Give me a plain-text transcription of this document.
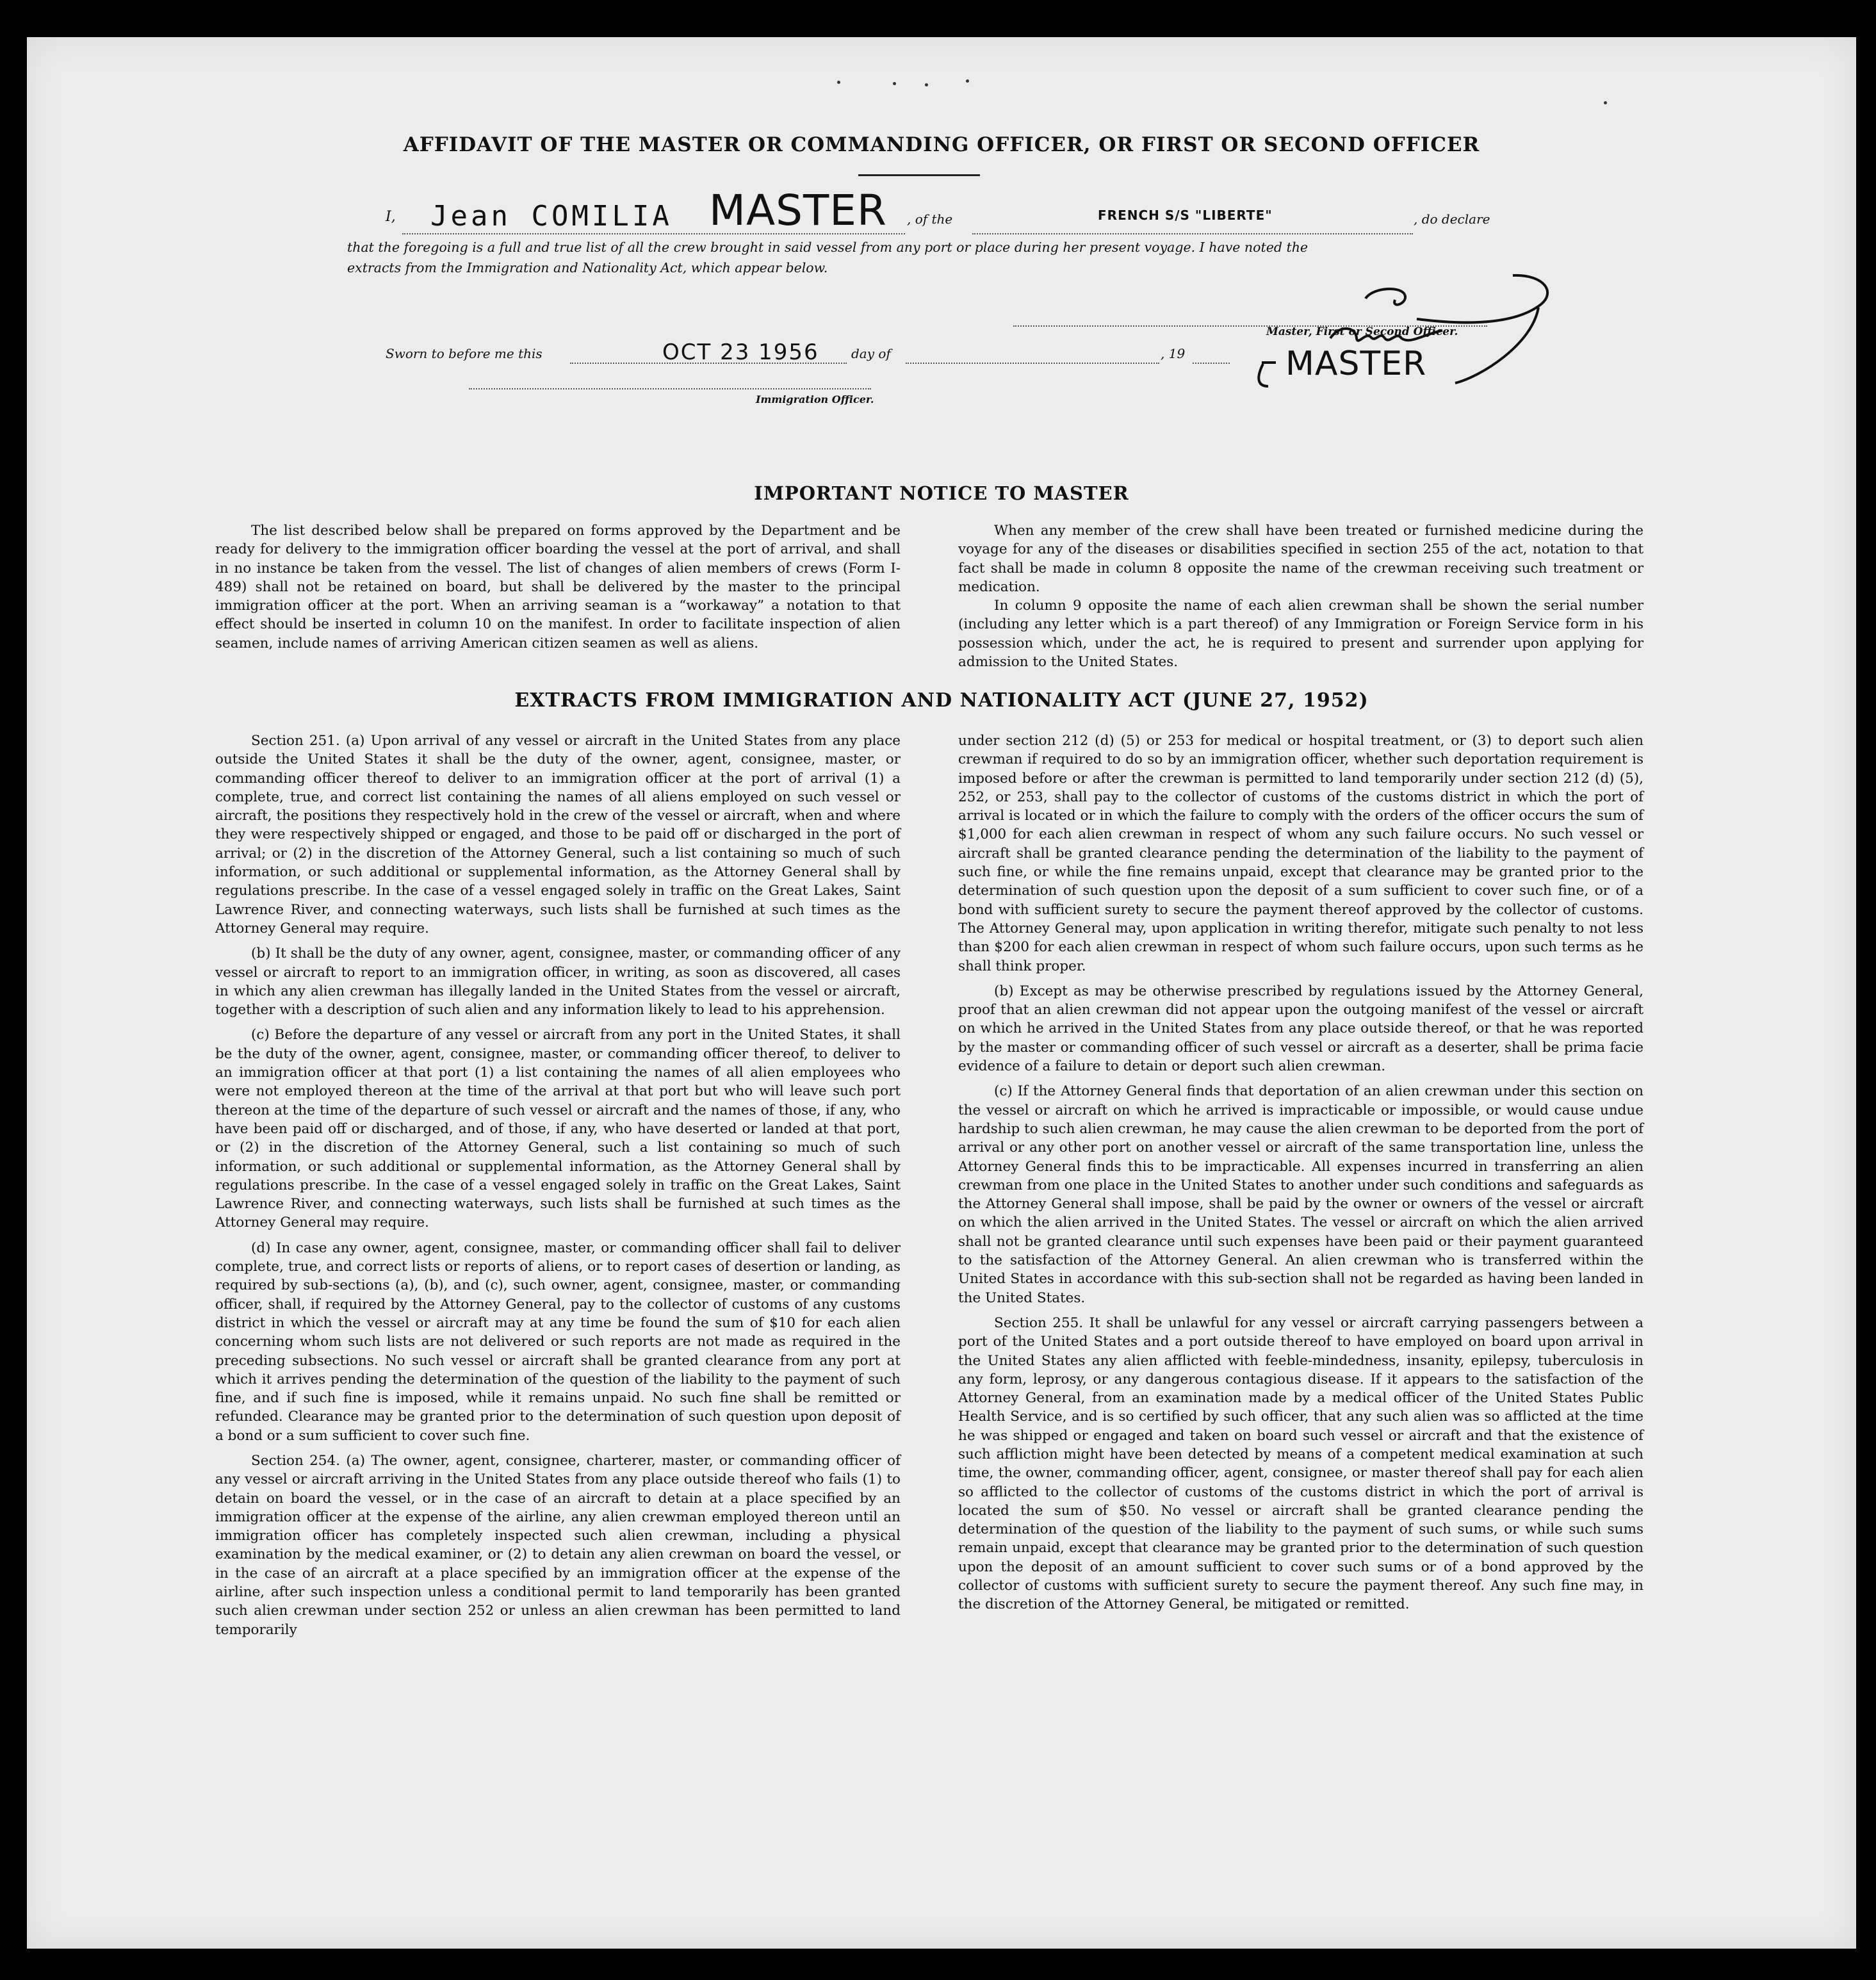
AFFIDAVIT OF THE MASTER OR COMMANDING OFFICER, OR FIRST OR SECOND OFFICER
I, Jean COMILIA MASTER , of the	FRENCH S/S "LIBERTE"	, do declare
that the foregoing is a full and true list of all the crew brought in said vessel from any port or place during her present voyage. I have noted the
extracts from the Immigration and Nationality Act, which appear below.
Master, First or Second Officer.
MASTER
Sworn to before me this	OCT 23 1956	day of	, 19
Immigration Officer.
IMPORTANT NOTICE TO MASTER

The list described below shall be prepared on forms approved by the Department and be ready for delivery to the immigration officer boarding the vessel at the port of arrival, and shall in no instance be taken from the vessel. The list of changes of alien members of crews (Form I-489) shall not be retained on board, but shall be delivered by the master to the principal immigration officer at the port. When an arriving seaman is a “workaway” a notation to that effect should be inserted in column 10 on the manifest. In order to facilitate inspection of alien seamen, include names of arriving American citizen seamen as well as aliens.

When any member of the crew shall have been treated or furnished medicine during the voyage for any of the diseases or disabilities specified in section 255 of the act, notation to that fact shall be made in column 8 opposite the name of the crewman receiving such treatment or medication.

In column 9 opposite the name of each alien crewman shall be shown the serial number (including any letter which is a part thereof) of any Immigration or Foreign Service form in his possession which, under the act, he is required to present and surrender upon applying for admission to the United States.

EXTRACTS FROM IMMIGRATION AND NATIONALITY ACT (JUNE 27, 1952)

Section 251. (a) Upon arrival of any vessel or aircraft in the United States from any place outside the United States it shall be the duty of the owner, agent, consignee, master, or commanding officer thereof to deliver to an immigration officer at the port of arrival (1) a complete, true, and correct list containing the names of all aliens employed on such vessel or aircraft, the positions they respectively hold in the crew of the vessel or aircraft, when and where they were respectively shipped or engaged, and those to be paid off or discharged in the port of arrival; or (2) in the discretion of the Attorney General, such a list containing so much of such information, or such additional or supplemental information, as the Attorney General shall by regulations prescribe. In the case of a vessel engaged solely in traffic on the Great Lakes, Saint Lawrence River, and connecting waterways, such lists shall be furnished at such times as the Attorney General may require.

(b) It shall be the duty of any owner, agent, consignee, master, or commanding officer of any vessel or aircraft to report to an immigration officer, in writing, as soon as discovered, all cases in which any alien crewman has illegally landed in the United States from the vessel or aircraft, together with a description of such alien and any information likely to lead to his apprehension.

(c) Before the departure of any vessel or aircraft from any port in the United States, it shall be the duty of the owner, agent, consignee, master, or commanding officer thereof, to deliver to an immigration officer at that port (1) a list containing the names of all alien employees who were not employed thereon at the time of the arrival at that port but who will leave such port thereon at the time of the departure of such vessel or aircraft and the names of those, if any, who have been paid off or discharged, and of those, if any, who have deserted or landed at that port, or (2) in the discretion of the Attorney General, such a list containing so much of such information, or such additional or supplemental information, as the Attorney General shall by regulations prescribe. In the case of a vessel engaged solely in traffic on the Great Lakes, Saint Lawrence River, and connecting waterways, such lists shall be furnished at such times as the Attorney General may require.

(d) In case any owner, agent, consignee, master, or commanding officer shall fail to deliver complete, true, and correct lists or reports of aliens, or to report cases of desertion or landing, as required by sub-sections (a), (b), and (c), such owner, agent, consignee, master, or commanding officer, shall, if required by the Attorney General, pay to the collector of customs of any customs district in which the vessel or aircraft may at any time be found the sum of $10 for each alien concerning whom such lists are not delivered or such reports are not made as required in the preceding subsections. No such vessel or aircraft shall be granted clearance from any port at which it arrives pending the determination of the question of the liability to the payment of such fine, and if such fine is imposed, while it remains unpaid. No such fine shall be remitted or refunded. Clearance may be granted prior to the determination of such question upon deposit of a bond or a sum sufficient to cover such fine.

Section 254. (a) The owner, agent, consignee, charterer, master, or commanding officer of any vessel or aircraft arriving in the United States from any place outside thereof who fails (1) to detain on board the vessel, or in the case of an aircraft to detain at a place specified by an immigration officer at the expense of the airline, any alien crewman employed thereon until an immigration officer has completely inspected such alien crewman, including a physical examination by the medical examiner, or (2) to detain any alien crewman on board the vessel, or in the case of an aircraft at a place specified by an immigration officer at the expense of the airline, after such inspection unless a conditional permit to land temporarily has been granted such alien crewman under section 252 or unless an alien crewman has been permitted to land temporarily

under section 212 (d) (5) or 253 for medical or hospital treatment, or (3) to deport such alien crewman if required to do so by an immigration officer, whether such deportation requirement is imposed before or after the crewman is permitted to land temporarily under section 212 (d) (5), 252, or 253, shall pay to the collector of customs of the customs district in which the port of arrival is located or in which the failure to comply with the orders of the officer occurs the sum of $1,000 for each alien crewman in respect of whom any such failure occurs. No such vessel or aircraft shall be granted clearance pending the determination of the liability to the payment of such fine, or while the fine remains unpaid, except that clearance may be granted prior to the determination of such question upon the deposit of a sum sufficient to cover such fine, or of a bond with sufficient surety to secure the payment thereof approved by the collector of customs. The Attorney General may, upon application in writing therefor, mitigate such penalty to not less than $200 for each alien crewman in respect of whom such failure occurs, upon such terms as he shall think proper.

(b) Except as may be otherwise prescribed by regulations issued by the Attorney General, proof that an alien crewman did not appear upon the outgoing manifest of the vessel or aircraft on which he arrived in the United States from any place outside thereof, or that he was reported by the master or commanding officer of such vessel or aircraft as a deserter, shall be prima facie evidence of a failure to detain or deport such alien crewman.

(c) If the Attorney General finds that deportation of an alien crewman under this section on the vessel or aircraft on which he arrived is impracticable or impossible, or would cause undue hardship to such alien crewman, he may cause the alien crewman to be deported from the port of arrival or any other port on another vessel or aircraft of the same transportation line, unless the Attorney General finds this to be impracticable. All expenses incurred in transferring an alien crewman from one place in the United States to another under such conditions and safeguards as the Attorney General shall impose, shall be paid by the owner or owners of the vessel or aircraft on which the alien arrived in the United States. The vessel or aircraft on which the alien arrived shall not be granted clearance until such expenses have been paid or their payment guaranteed to the satisfaction of the Attorney General. An alien crewman who is transferred within the United States in accordance with this sub-section shall not be regarded as having been landed in the United States.

Section 255. It shall be unlawful for any vessel or aircraft carrying passengers between a port of the United States and a port outside thereof to have employed on board upon arrival in the United States any alien afflicted with feeble-mindedness, insanity, epilepsy, tuberculosis in any form, leprosy, or any dangerous contagious disease. If it appears to the satisfaction of the Attorney General, from an examination made by a medical officer of the United States Public Health Service, and is so certified by such officer, that any such alien was so afflicted at the time he was shipped or engaged and taken on board such vessel or aircraft and that the existence of such affliction might have been detected by means of a competent medical examination at such time, the owner, commanding officer, agent, consignee, or master thereof shall pay for each alien so afflicted to the collector of customs of the customs district in which the port of arrival is located the sum of $50. No vessel or aircraft shall be granted clearance pending the determination of the question of the liability to the payment of such sums, or while such sums remain unpaid, except that clearance may be granted prior to the determination of such question upon the deposit of an amount sufficient to cover such sums or of a bond approved by the collector of customs with sufficient surety to secure the payment thereof. Any such fine may, in the discretion of the Attorney General, be mitigated or remitted.
